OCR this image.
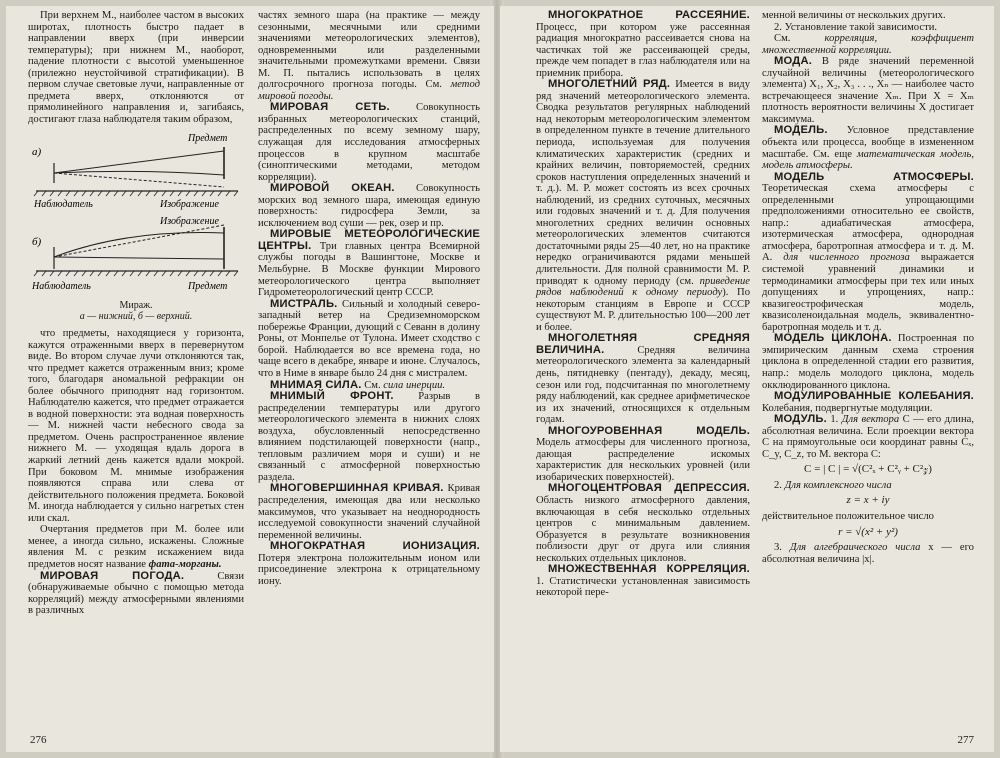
При верхнем М., наиболее частом в высоких широтах, плотность быстро падает в направлении вверх (при инверсии температуры); при нижнем М., наоборот, падение плотности с высотой уменьшенное (прилежно неустойчивой стратификации). В первом случае световые лучи, направленные от предмета вверх, отклоняются от прямолинейного направления и, загибаясь, достигают глаза наблюдателя таким образом,

а)
Предмет
Наблюдатель	Изображение
Изображение
б)
Наблюдатель	Предмет
Мираж.
а — нижний, б — верхний.

что предметы, находящиеся у горизонта, кажутся отраженными вверх в перевернутом виде. Во втором случае лучи отклоняются так, что предмет кажется отраженным вниз; кроме того, благодаря аномальной рефракции он более обычного приподнят над горизонтом. Наблюдателю кажется, что предмет отражается в водной поверхности: эта водная поверхность — М. нижней части небесного свода за предметом. Очень распространенное явление нижнего М. — уходящая вдаль дорога в жаркий летний день кажется вдали мокрой. При боковом М. мнимые изображения появляются справа или слева от действительного положения предмета. Боковой М. иногда наблюдается у сильно нагретых стен или скал.

Очертания предметов при М. более или менее, а иногда сильно, искажены. Сложные явления М. с резким искажением вида предметов носят название фата-морганы.

МИРОВАЯ ПОГОДА.	Связи (обнаруживаемые обычно с помощью метода корреляций) между атмосферными явлениями в различных

частях земного шара (на практике — между сезонными, месячными или средними значениями метеорологических элементов), одновременными или разделенными значительными промежутками времени. Связи М. П. пытались использовать в целях долгосрочного прогноза погоды. См. метод мировой погоды.

МИРОВАЯ СЕТЬ. Совокупность избранных метеорологических станций, распределенных по всему земному шару, служащая для исследования атмосферных процессов в крупном масштабе (синоптическими методами, методом корреляции).

МИРОВОЙ ОКЕАН. Совокупность морских вод земного шара, имеющая единую поверхность: гидросфера Земли, за исключением вод суши — рек, озер и пр.

МИРОВЫЕ МЕТЕОРОЛОГИЧЕСКИЕ ЦЕНТРЫ. Три главных центра Всемирной службы погоды в Вашингтоне, Москве и Мельбурне. В Москве функции Мирового метеорологического центра выполняет Гидрометеорологический центр СССР.

МИСТРАЛЬ. Сильный и холодный северо-западный ветер на Средиземноморском побережье Франции, дующий с Севанн в долину Роны, от Монпелье от Тулона. Имеет сходство с борой. Наблюдается во все времена года, но чаще всего в декабре, январе и июне. Случалось, что в Ниме в январе было 24 дня с мистралем.

МНИМАЯ СИЛА. См. сила инерции.

МНИМЫЙ ФРОНТ. Разрыв в распределении температуры или другого метеорологического элемента в нижних слоях воздуха, обусловленный непосредственно влиянием подстилающей поверхности (напр., тепловым различием моря и суши) и не связанный с атмосферной поверхностью раздела.

МНОГОВЕРШИННАЯ КРИВАЯ. Кривая распределения, имеющая два или несколько максимумов, что указывает на неоднородность исследуемой совокупности значений случайной переменной величины.

МНОГОКРАТНАЯ ИОНИЗАЦИЯ. Потеря электрона положительным ионом или присоединение электрона к отрицательному иону.

276

МНОГОКРАТНОЕ РАССЕЯНИЕ. Процесс, при котором уже рассеянная радиация многократно рассеивается снова на частичках той же рассеивающей среды, прежде чем попадет в глаз наблюдателя или на приемник прибора.

МНОГОЛЕТНИЙ РЯД. Имеется в виду ряд значений метеорологического элемента. Сводка результатов регулярных наблюдений над некоторым метеорологическим элементом в определенном пункте в течение длительного периода, используемая для получения климатических характеристик (средних и крайних величин, повторяемостей, средних сроков наступления определенных значений и т. д.). М. Р. может состоять из всех срочных наблюдений, из средних суточных, месячных или годовых значений и т. д. Для получения многолетних средних величин основных метеорологических элементов считаются достаточными ряды 25—40 лет, но на практике нередко ограничиваются рядами меньшей длительности. Для полной сравнимости М. Р. приводят к одному периоду (см. приведение рядов наблюдений к одному периоду). По некоторым станциям в Европе и СССР существуют М. Р. длительностью 100—200 лет и более.

МНОГОЛЕТНЯЯ СРЕДНЯЯ ВЕЛИЧИНА.	Средняя величина метеорологического элемента за календарный день, пятидневку (пентаду), декаду, месяц, сезон или год, подсчитанная по многолетнему ряду наблюдений, как среднее арифметическое из их значений, относящихся к отдельным годам.

МНОГОУРОВЕННАЯ МОДЕЛЬ. Модель атмосферы для численного прогноза, дающая распределение искомых характеристик для нескольких уровней (или изобарических поверхностей).

МНОГОЦЕНТРОВАЯ ДЕПРЕССИЯ. Область низкого атмосферного давления, включающая в себя несколько отдельных центров с минимальным давлением. Образуется в результате возникновения поблизости друг от друга или слияния нескольких отдельных циклонов.

МНОЖЕСТВЕННАЯ КОРРЕЛЯЦИЯ. 1. Статистически установленная зависимость некоторой пере-

менной величины от нескольких других.

2. Установление такой зависимости.

См.	корреляция, коэффициент множественной корреляции.

МОДА. В ряде значений переменной случайной величины (метеорологического элемента) X₁, X₂, X₃ . . ., Xₙ — наиболее часто встречающееся значение Xₘ. При X = Xₘ плотность вероятности величины X достигает максимума.

МОДЕЛЬ. Условное представление объекта или процесса, вообще в измененном масштабе. См. еще математическая модель, модель атмосферы.

МОДЕЛЬ АТМОСФЕРЫ. Теоретическая схема атмосферы с определенными упрощающими предположениями относительно ее свойств, напр.: адиабатическая атмосфера, изотермическая атмосфера, однородная атмосфера, баротропная атмосфера и т. д. М. А. для численного прогноза выражается системой уравнений динамики и термодинамики атмосферы при тех или иных допущениях и упрощениях, напр.: квазигеострофическая модель, квазисоленоидальная модель, эквивалентно-баротропная модель и т. д.

МОДЕЛЬ ЦИКЛОНА. Построенная по эмпирическим данным схема строения циклона в определенной стадии его развития, напр.: модель молодого циклона, модель окклюдированного циклона.

МОДУЛИРОВАННЫЕ КОЛЕБАНИЯ. Колебания, подвергнутые модуляции.

МОДУЛЬ. 1. Для вектора С — его длина, абсолютная величина. Если проекции вектора С на прямоугольные оси координат равны Cₓ, C_y, C_z, то М. вектора С:

C = | C | = √(C²ₓ + C²ᵧ + C²𝓏)

2. Для комплексного числа

z = x + iy

действительное положительное число

r = √(x² + y²)

3. Для алгебраического числа x — его абсолютная величина |x|.

277
